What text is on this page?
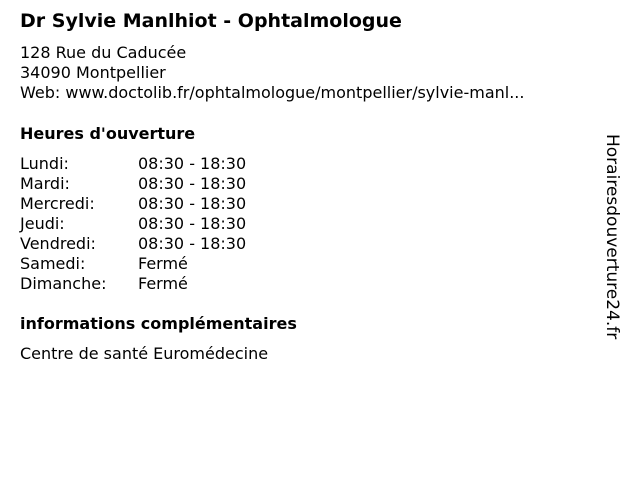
Dr Sylvie Manlhiot - Ophtalmologue
128 Rue du Caducée
34090 Montpellier
Web: www.doctolib.fr/ophtalmologue/montpellier/sylvie-manl...
Heures d'ouverture
Lundi:	08:30 - 18:30
Mardi:	08:30 - 18:30
Mercredi:	08:30 - 18:30
Jeudi:	08:30 - 18:30
Vendredi:	08:30 - 18:30
Samedi:	Fermé
Dimanche: Fermé
informations complémentaires
Centre de santé Euromédecine
Horairesdouverture24.fr
